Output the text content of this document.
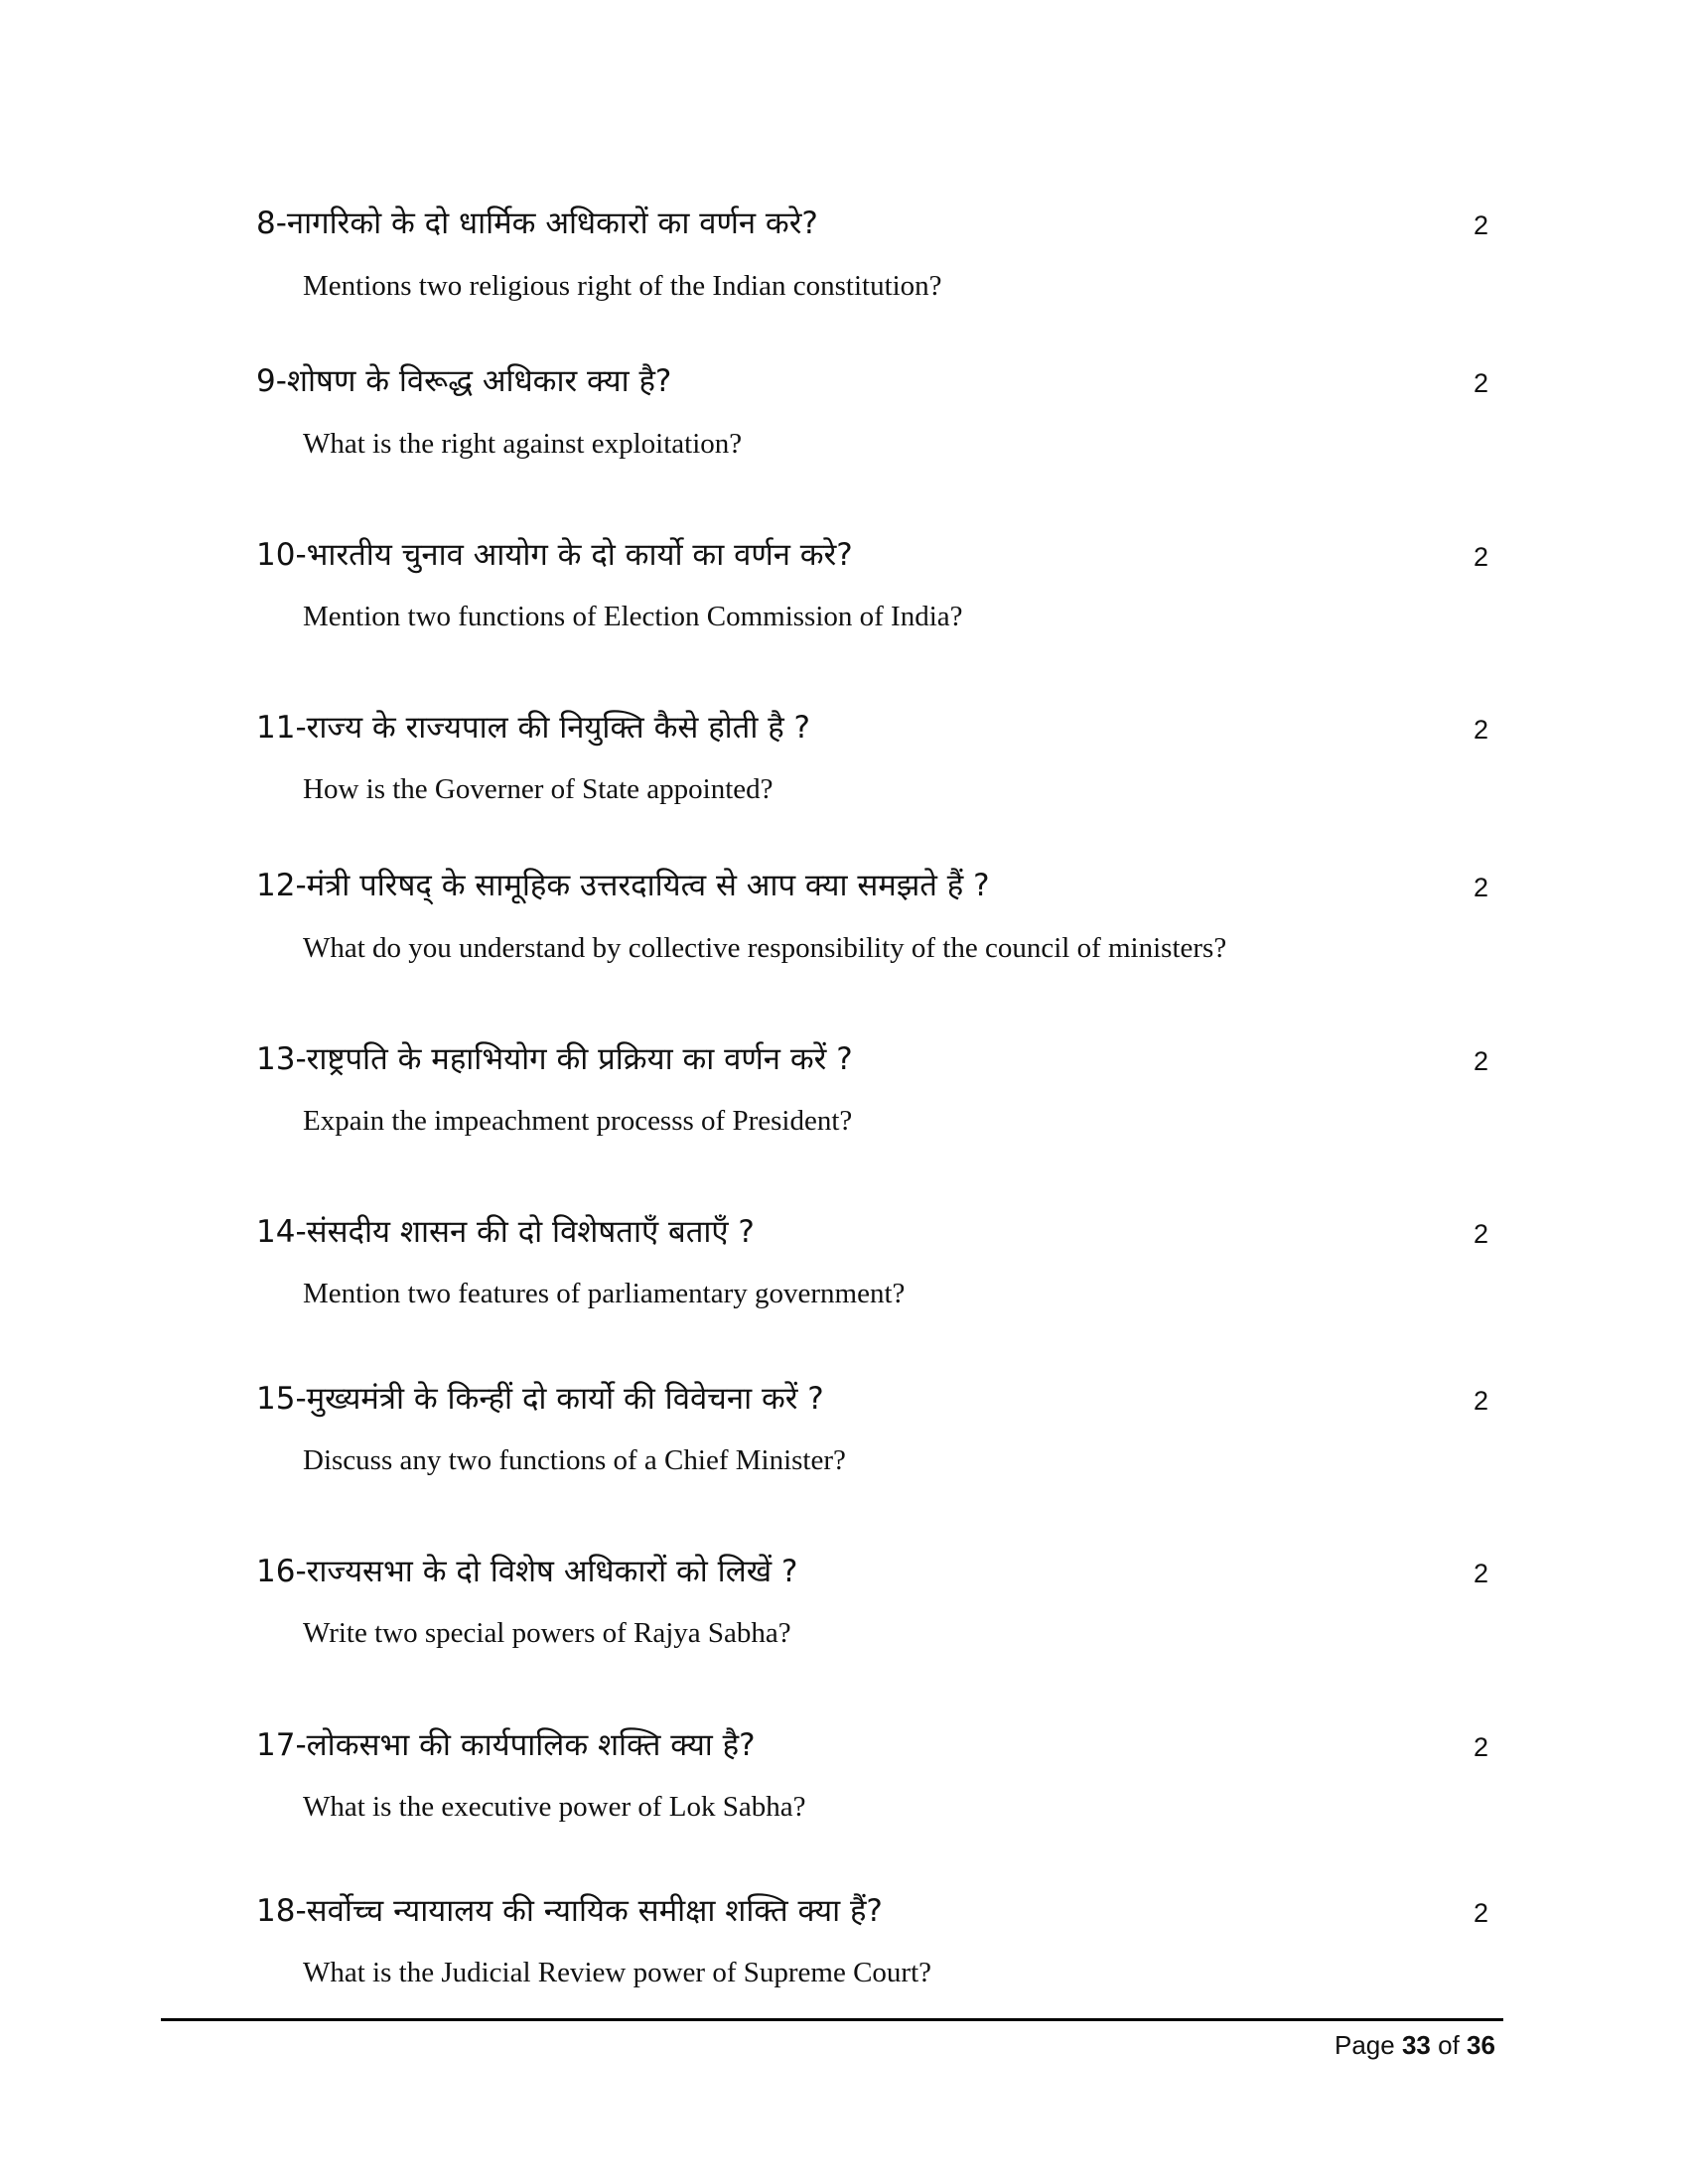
8-नागरिको के दो धार्मिक अधिकारों का वर्णन करे?
Mentions two religious right of the Indian constitution?
2
9-शोषण के विरूद्ध अधिकार क्या है?
What is the right against exploitation?
2
10-भारतीय चुनाव आयोग के दो कार्यो का वर्णन करे?
Mention two functions of Election Commission of India?
2
11-राज्य के राज्यपाल की नियुक्ति कैसे होती है ?
How is the Governer of State appointed?
2
12-मंत्री परिषद् के सामूहिक उत्तरदायित्व से आप क्या समझते हैं ?
What do you understand by collective responsibility of the council of ministers?
2
13-राष्ट्रपति के महाभियोग की प्रक्रिया का वर्णन करें ?
Expain the impeachment processs of President?
2
14-संसदीय शासन की दो विशेषताएँ बताएँ ?
Mention two features of parliamentary government?
2
15-मुख्यमंत्री के किन्हीं दो कार्यो की विवेचना करें ?
Discuss any two functions of a Chief Minister?
2
16-राज्यसभा के दो विशेष अधिकारों को लिखें ?
Write two special powers of Rajya Sabha?
2
17-लोकसभा की कार्यपालिक शक्ति क्या है?
What is the executive power of Lok Sabha?
2
18-सर्वोच्च न्यायालय की न्यायिक समीक्षा शक्ति क्या हैं?
What is the Judicial Review power of Supreme Court?
2
Page 33 of 36
